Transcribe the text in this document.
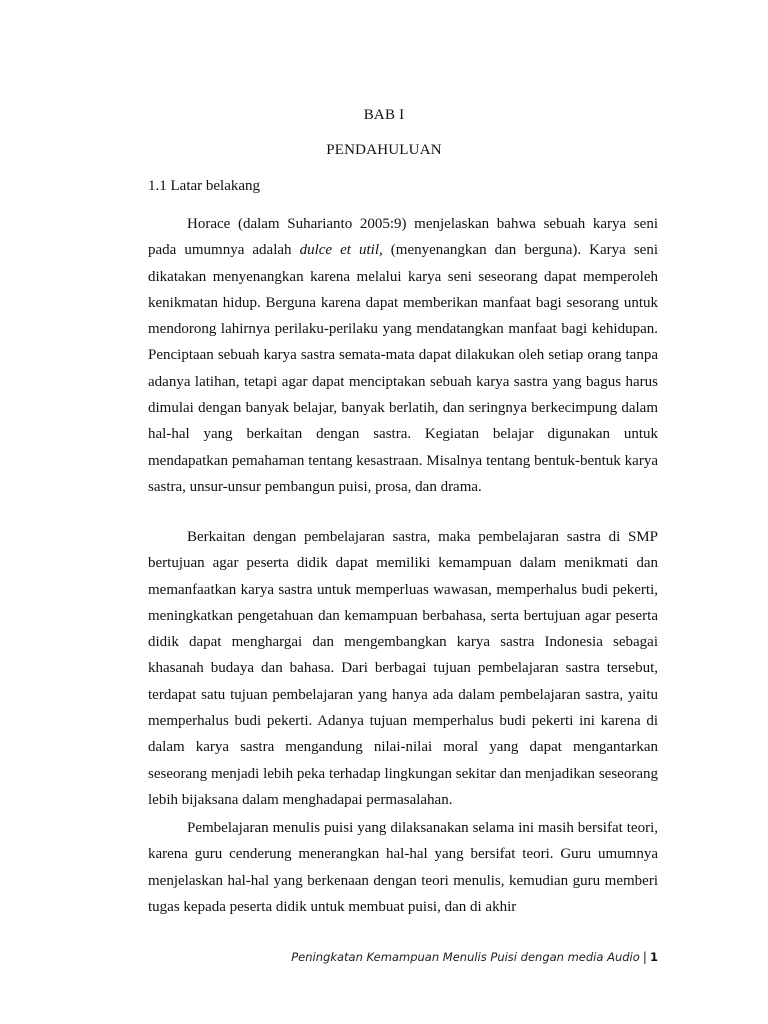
BAB I
PENDAHULUAN
1.1 Latar belakang

Horace (dalam Suharianto 2005:9) menjelaskan bahwa sebuah karya seni pada umumnya adalah dulce et util, (menyenangkan dan berguna). Karya seni dikatakan menyenangkan karena melalui karya seni seseorang dapat memperoleh kenikmatan hidup. Berguna karena dapat memberikan manfaat bagi sesorang untuk mendorong lahirnya perilaku-perilaku yang mendatangkan manfaat bagi kehidupan. Penciptaan sebuah karya sastra semata-mata dapat dilakukan oleh setiap orang tanpa adanya latihan, tetapi agar dapat menciptakan sebuah karya sastra yang bagus harus dimulai dengan banyak belajar, banyak berlatih, dan seringnya berkecimpung dalam hal-hal yang berkaitan dengan sastra. Kegiatan belajar digunakan untuk mendapatkan pemahaman tentang kesastraan. Misalnya tentang bentuk-bentuk karya sastra, unsur-unsur pembangun puisi, prosa, dan drama.

Berkaitan dengan pembelajaran sastra, maka pembelajaran sastra di SMP bertujuan agar peserta didik dapat memiliki kemampuan dalam menikmati dan memanfaatkan karya sastra untuk memperluas wawasan, memperhalus budi pekerti, meningkatkan pengetahuan dan kemampuan berbahasa, serta bertujuan agar peserta didik dapat menghargai dan mengembangkan karya sastra Indonesia sebagai khasanah budaya dan bahasa. Dari berbagai tujuan pembelajaran sastra tersebut, terdapat satu tujuan pembelajaran yang hanya ada dalam pembelajaran sastra, yaitu memperhalus budi pekerti. Adanya tujuan memperhalus budi pekerti ini karena di dalam karya sastra mengandung nilai-nilai moral yang dapat mengantarkan seseorang menjadi lebih peka terhadap lingkungan sekitar dan menjadikan seseorang lebih bijaksana dalam menghadapai permasalahan.

Pembelajaran menulis puisi yang dilaksanakan selama ini masih bersifat teori, karena guru cenderung menerangkan hal-hal yang bersifat teori. Guru umumnya menjelaskan hal-hal yang berkenaan dengan teori menulis, kemudian guru memberi tugas kepada peserta didik untuk membuat puisi, dan di akhir

Peningkatan Kemampuan Menulis Puisi dengan media Audio | 1
